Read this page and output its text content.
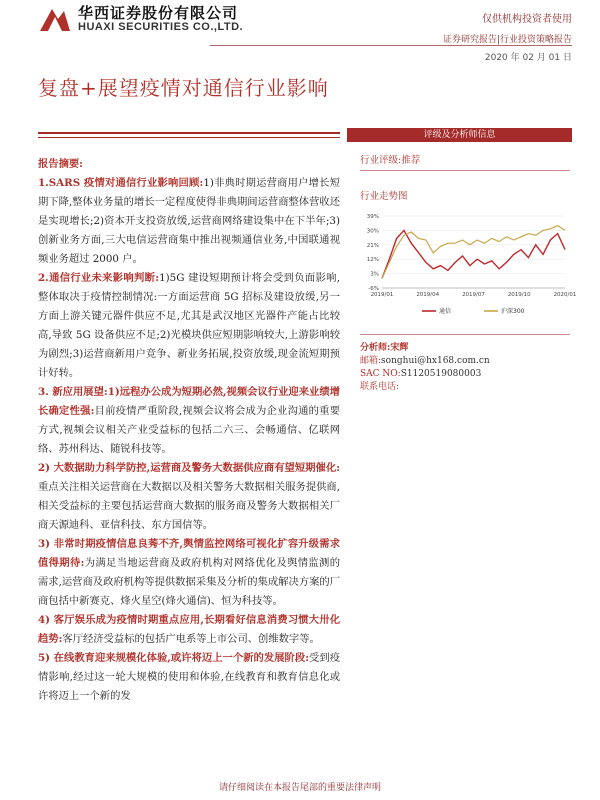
华西证券股份有限公司
HUAXI SECURITIES CO.,LTD.
仅供机构投资者使用
证券研究报告|行业投资策略报告
2020 年 02 月 01 日
复盘+展望疫情对通信行业影响
报告摘要:

1.SARS 疫情对通信行业影响回顾:1)非典时期运营商用户增长短期下降,整体业务量的增长一定程度使得非典期间运营商整体营收还是实现增长;2)资本开支投资放缓,运营商网络建设集中在下半年;3)创新业务方面,三大电信运营商集中推出视频通信业务,中国联通视频业务超过 2000 户。

2.通信行业未来影响判断:1)5G 建设短期预计将会受到负面影响,整体取决于疫情控制情况:一方面运营商 5G 招标及建设放缓,另一方面上游关键元器件供应不足,尤其是武汉地区光器件产能占比较高,导致 5G 设备供应不足;2)光模块供应短期影响较大,上游影响较为剧烈;3)运营商新用户竞争、新业务拓展,投资放缓,现金流短期预计好转。

3. 新应用展望:1)远程办公成为短期必然,视频会议行业迎来业绩增长确定性强:目前疫情严重阶段,视频会议将会成为企业沟通的重要方式,视频会议相关产业受益标的包括二六三、会畅通信、亿联网络、苏州科达、随锐科技等。

2) 大数据助力科学防控,运营商及警务大数据供应商有望短期催化:重点关注相关运营商在大数据以及相关警务大数据相关服务提供商,相关受益标的主要包括运营商大数据的服务商及警务大数据相关厂商天源迪科、亚信科技、东方国信等。

3) 非常时期疫情信息良莠不齐,舆情监控网络可视化扩容升级需求值得期待:为满足当地运营商及政府机构对网络优化及舆情监测的需求,运营商及政府机构等提供数据采集及分析的集成解决方案的厂商包括中新赛克、烽火星空(烽火通信)、恒为科技等。

4) 客厅娱乐成为疫情时期重点应用,长期看好信息消费习惯大卅化趋势:客厅经济受益标的包括广电系等上市公司、创维数字等。

5) 在线教育迎来规模化体验,或许将迈上一个新的发展阶段:受到疫情影响,经过这一轮大规模的使用和体验,在线教育和教育信息化或许将迈上一个新的发

评级及分析师信息
行业评级:推荐
行业走势图
39%
30%
21%
12%
3%
-6%
2019/01	2019/04	2019/07	2019/10	2020/01
通信	沪深300
分析师:宋辉
邮箱:songhui@hx168.com.cn
SAC NO:S1120519080003
联系电话:
请仔细阅读在本报告尾部的重要法律声明
